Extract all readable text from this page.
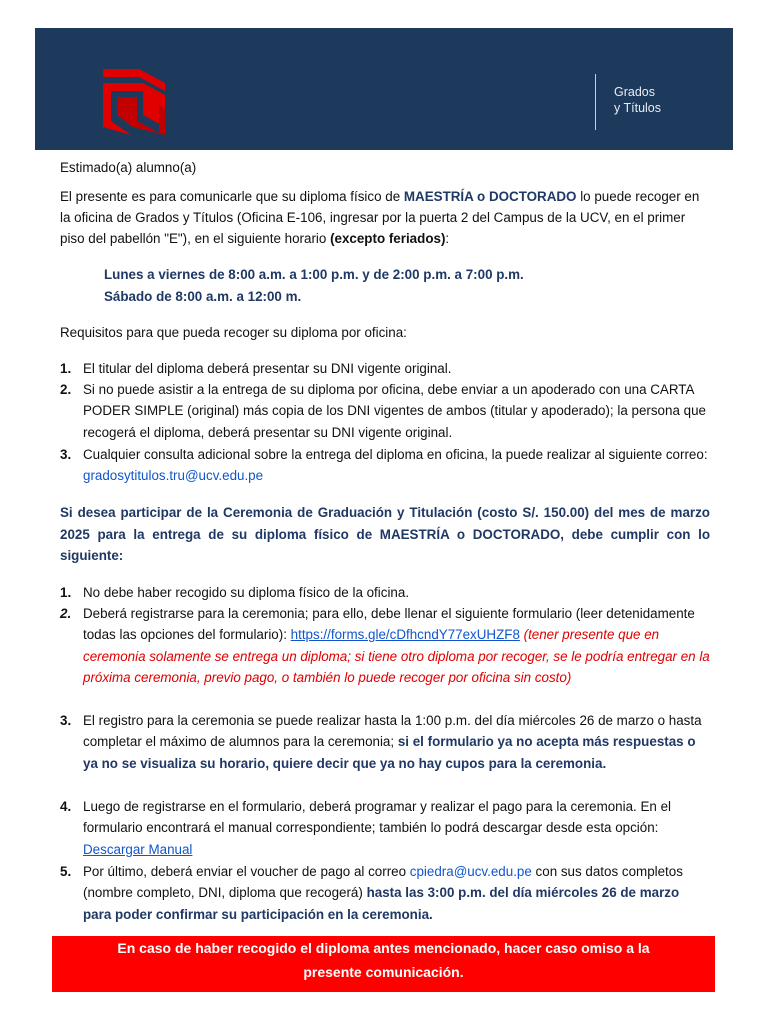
Grados
y Títulos
Estimado(a) alumno(a)
El presente es para comunicarle que su diploma físico de MAESTRÍA o DOCTORADO lo puede recoger en la oficina de Grados y Títulos (Oficina E-106, ingresar por la puerta 2 del Campus de la UCV, en el primer piso del pabellón "E"), en el siguiente horario (excepto feriados):
Lunes a viernes de 8:00 a.m. a 1:00 p.m. y de 2:00 p.m. a 7:00 p.m.
Sábado de 8:00 a.m. a 12:00 m.
Requisitos para que pueda recoger su diploma por oficina:
1. El titular del diploma deberá presentar su DNI vigente original.
2. Si no puede asistir a la entrega de su diploma por oficina, debe enviar a un apoderado con una CARTA PODER SIMPLE (original) más copia de los DNI vigentes de ambos (titular y apoderado); la persona que recogerá el diploma, deberá presentar su DNI vigente original.
3. Cualquier consulta adicional sobre la entrega del diploma en oficina, la puede realizar al siguiente correo: gradosytitulos.tru@ucv.edu.pe
Si desea participar de la Ceremonia de Graduación y Titulación (costo S/. 150.00) del mes de marzo 2025 para la entrega de su diploma físico de MAESTRÍA o DOCTORADO, debe cumplir con lo siguiente:
1. No debe haber recogido su diploma físico de la oficina.
2. Deberá registrarse para la ceremonia; para ello, debe llenar el siguiente formulario (leer detenidamente todas las opciones del formulario): https://forms.gle/cDfhcndY77exUHZF8 (tener presente que en ceremonia solamente se entrega un diploma; si tiene otro diploma por recoger, se le podría entregar en la próxima ceremonia, previo pago, o también lo puede recoger por oficina sin costo)
3. El registro para la ceremonia se puede realizar hasta la 1:00 p.m. del día miércoles 26 de marzo o hasta completar el máximo de alumnos para la ceremonia; si el formulario ya no acepta más respuestas o ya no se visualiza su horario, quiere decir que ya no hay cupos para la ceremonia.
4. Luego de registrarse en el formulario, deberá programar y realizar el pago para la ceremonia. En el formulario encontrará el manual correspondiente; también lo podrá descargar desde esta opción: Descargar Manual
5. Por último, deberá enviar el voucher de pago al correo cpiedra@ucv.edu.pe con sus datos completos (nombre completo, DNI, diploma que recogerá) hasta las 3:00 p.m. del día miércoles 26 de marzo para poder confirmar su participación en la ceremonia.
En caso de haber recogido el diploma antes mencionado, hacer caso omiso a la
presente comunicación.
